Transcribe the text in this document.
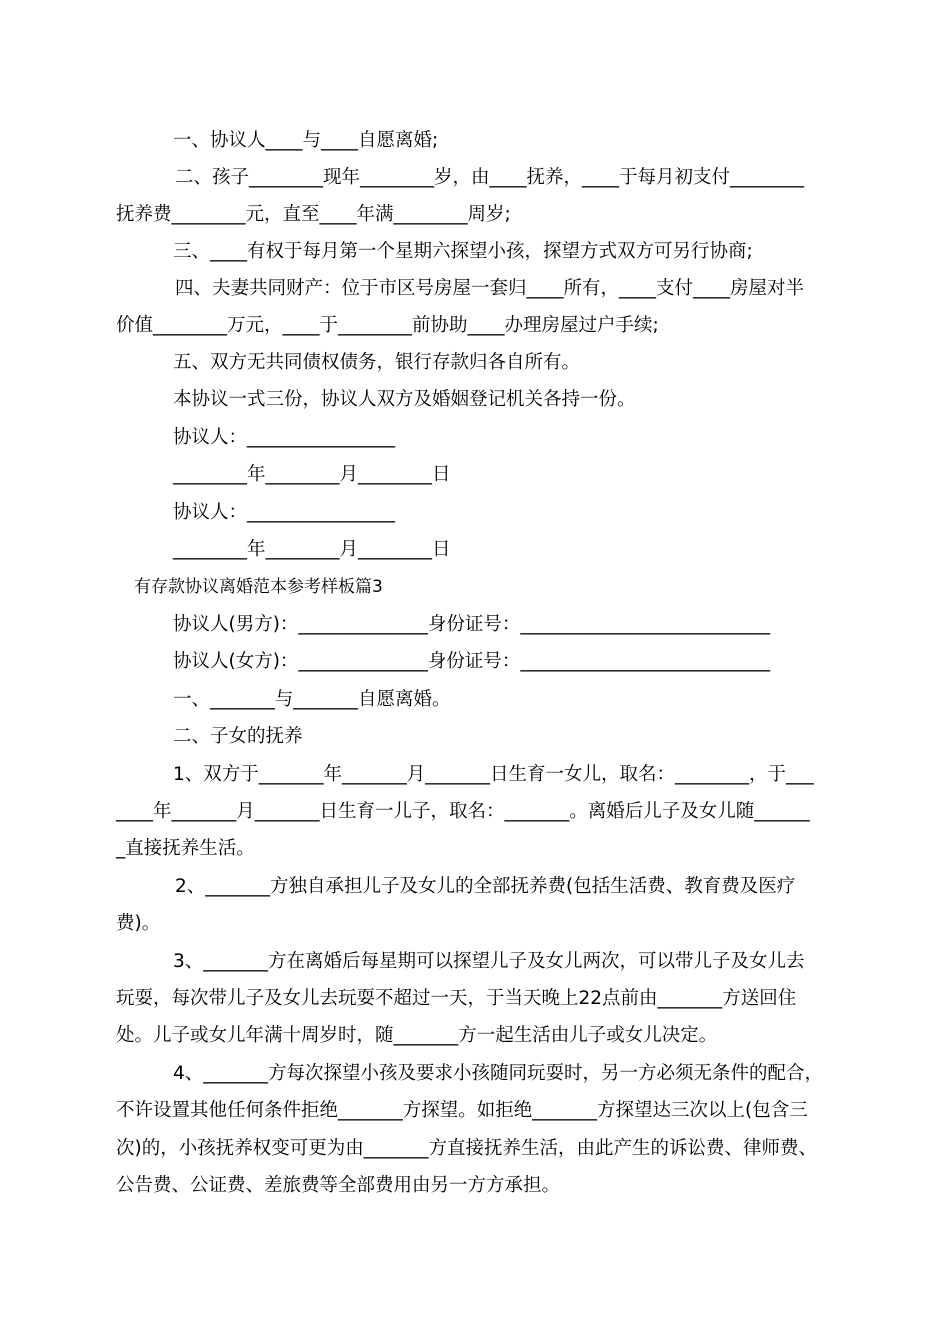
一、协议人____与____自愿离婚;

二、孩子________现年________岁，由____抚养，____于每月初支付________

抚养费________元，直至____年满________周岁;

三、____有权于每月第一个星期六探望小孩，探望方式双方可另行协商;

四、夫妻共同财产：位于市区号房屋一套归____所有，____支付____房屋对半

价值________万元，____于________前协助____办理房屋过户手续;

五、双方无共同债权债务，银行存款归各自所有。

本协议一式三份，协议人双方及婚姻登记机关各持一份。

协议人：________________

________年________月________日

协议人：________________

________年________月________日

有存款协议离婚范本参考样板篇3

协议人(男方)：______________身份证号：___________________________

协议人(女方)：______________身份证号：___________________________

一、_______与_______自愿离婚。

二、子女的抚养

1、双方于_______年_______月_______日生育一女儿，取名：________，于___

____年_______月_______日生育一儿子，取名：_______。离婚后儿子及女儿随______

_直接抚养生活。

2、_______方独自承担儿子及女儿的全部抚养费(包括生活费、教育费及医疗

费)。

3、_______方在离婚后每星期可以探望儿子及女儿两次，可以带儿子及女儿去

玩耍，每次带儿子及女儿去玩耍不超过一天，于当天晚上22点前由_______方送回住

处。儿子或女儿年满十周岁时，随_______方一起生活由儿子或女儿决定。

4、_______方每次探望小孩及要求小孩随同玩耍时，另一方必须无条件的配合，

不许设置其他任何条件拒绝_______方探望。如拒绝_______方探望达三次以上(包含三

次)的，小孩抚养权变可更为由_______方直接抚养生活，由此产生的诉讼费、律师费、

公告费、公证费、差旅费等全部费用由另一方方承担。
